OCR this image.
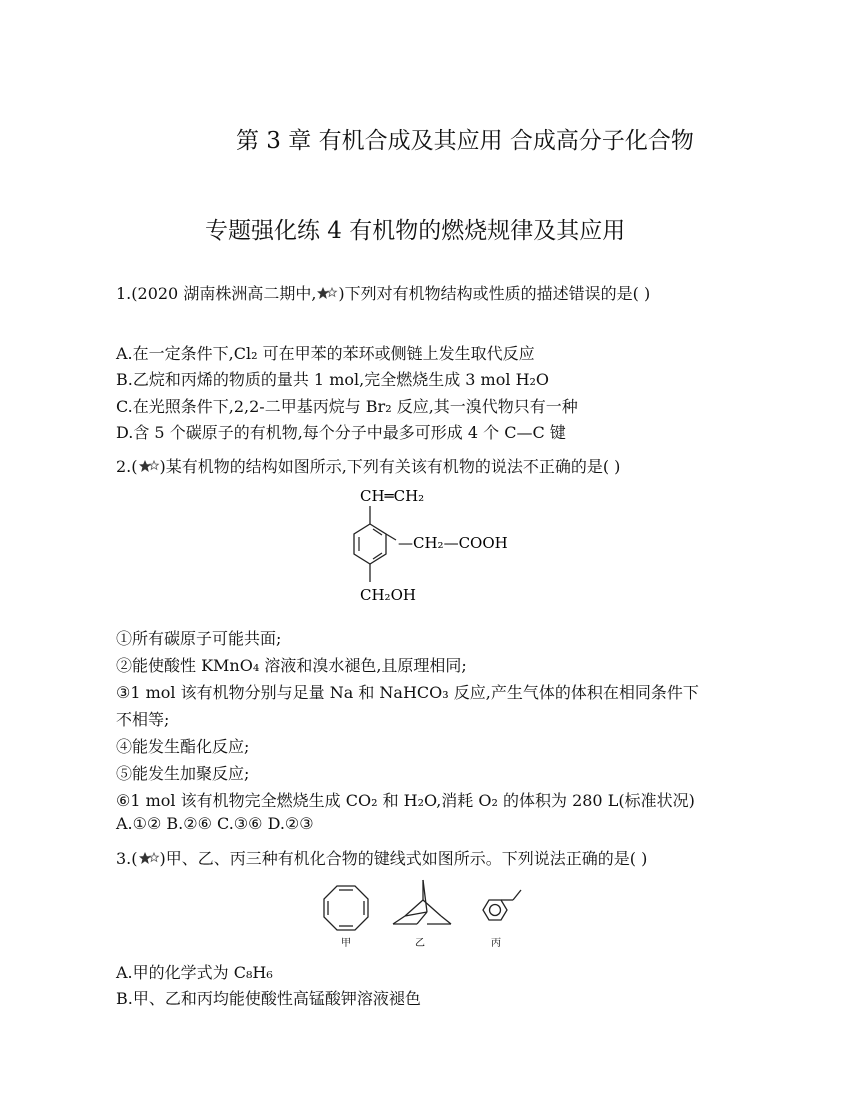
第 3 章 有机合成及其应用 合成高分子化合物
专题强化练 4 有机物的燃烧规律及其应用
1.(2020 湖南株洲高二期中, )下列对有机物结构或性质的描述错误的是( )
A.在一定条件下,Cl₂ 可在甲苯的苯环或侧链上发生取代反应
B.乙烷和丙烯的物质的量共 1 mol,完全燃烧生成 3 mol H₂O
C.在光照条件下,2,2-二甲基丙烷与 Br₂ 反应,其一溴代物只有一种
D.含 5 个碳原子的有机物,每个分子中最多可形成 4 个 C—C 键
2.( )某有机物的结构如图所示,下列有关该有机物的说法不正确的是( )
CH═CH₂
—CH₂—COOH
CH₂OH
①所有碳原子可能共面;
②能使酸性 KMnO₄ 溶液和溴水褪色,且原理相同;
③1 mol 该有机物分别与足量 Na 和 NaHCO₃ 反应,产生气体的体积在相同条件下
不相等;
④能发生酯化反应;
⑤能发生加聚反应;
⑥1 mol 该有机物完全燃烧生成 CO₂ 和 H₂O,消耗 O₂ 的体积为 280 L(标准状况)
A.①② B.②⑥ C.③⑥ D.②③
3.( )甲、乙、丙三种有机化合物的键线式如图所示。下列说法正确的是( )
甲	乙	丙
A.甲的化学式为 C₈H₆
B.甲、乙和丙均能使酸性高锰酸钾溶液褪色
